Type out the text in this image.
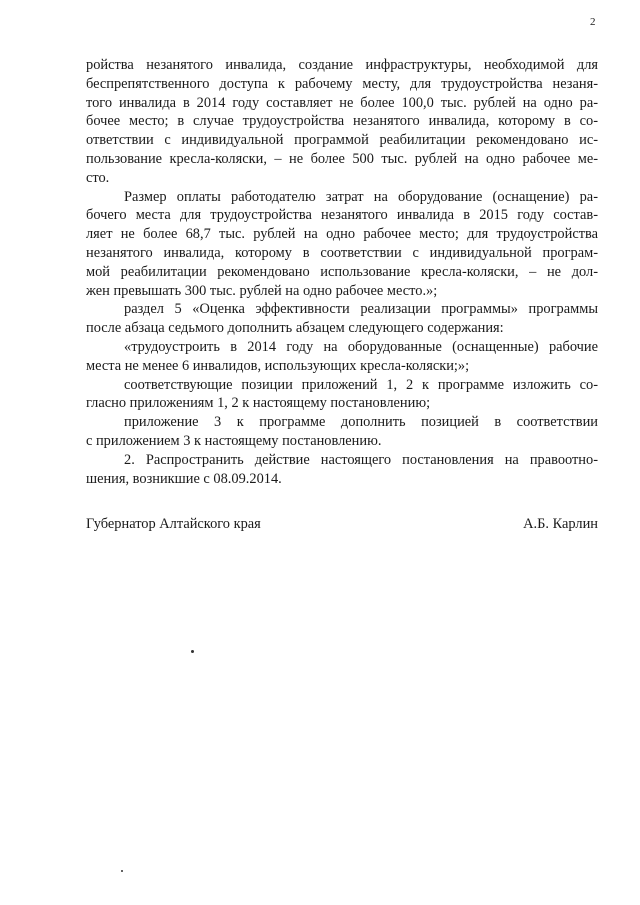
2
ройства незанятого инвалида, создание инфраструктуры, необходимой для
беспрепятственного доступа к рабочему месту, для трудоустройства незаня-
того инвалида в 2014 году составляет не более 100,0 тыс. рублей на одно ра-
бочее место; в случае трудоустройства незанятого инвалида, которому в со-
ответствии с индивидуальной программой реабилитации рекомендовано ис-
пользование кресла-коляски, – не более 500 тыс. рублей на одно рабочее ме-
сто.
Размер оплаты работодателю затрат на оборудование (оснащение) ра-
бочего места для трудоустройства незанятого инвалида в 2015 году состав-
ляет не более 68,7 тыс. рублей на одно рабочее место; для трудоустройства
незанятого инвалида, которому в соответствии с индивидуальной програм-
мой реабилитации рекомендовано использование кресла-коляски, – не дол-
жен превышать 300 тыс. рублей на одно рабочее место.»;
раздел 5 «Оценка эффективности реализации программы» программы
после абзаца седьмого дополнить абзацем следующего содержания:
«трудоустроить в 2014 году на оборудованные (оснащенные) рабочие
места не менее 6 инвалидов, использующих кресла-коляски;»;
соответствующие позиции приложений 1, 2 к программе изложить со-
гласно приложениям 1, 2 к настоящему постановлению;
приложение 3 к программе дополнить позицией в соответствии
с приложением 3 к настоящему постановлению.
2. Распространить действие настоящего постановления на правоотно-
шения, возникшие с 08.09.2014.
Губернатор Алтайского края	А.Б. Карлин
